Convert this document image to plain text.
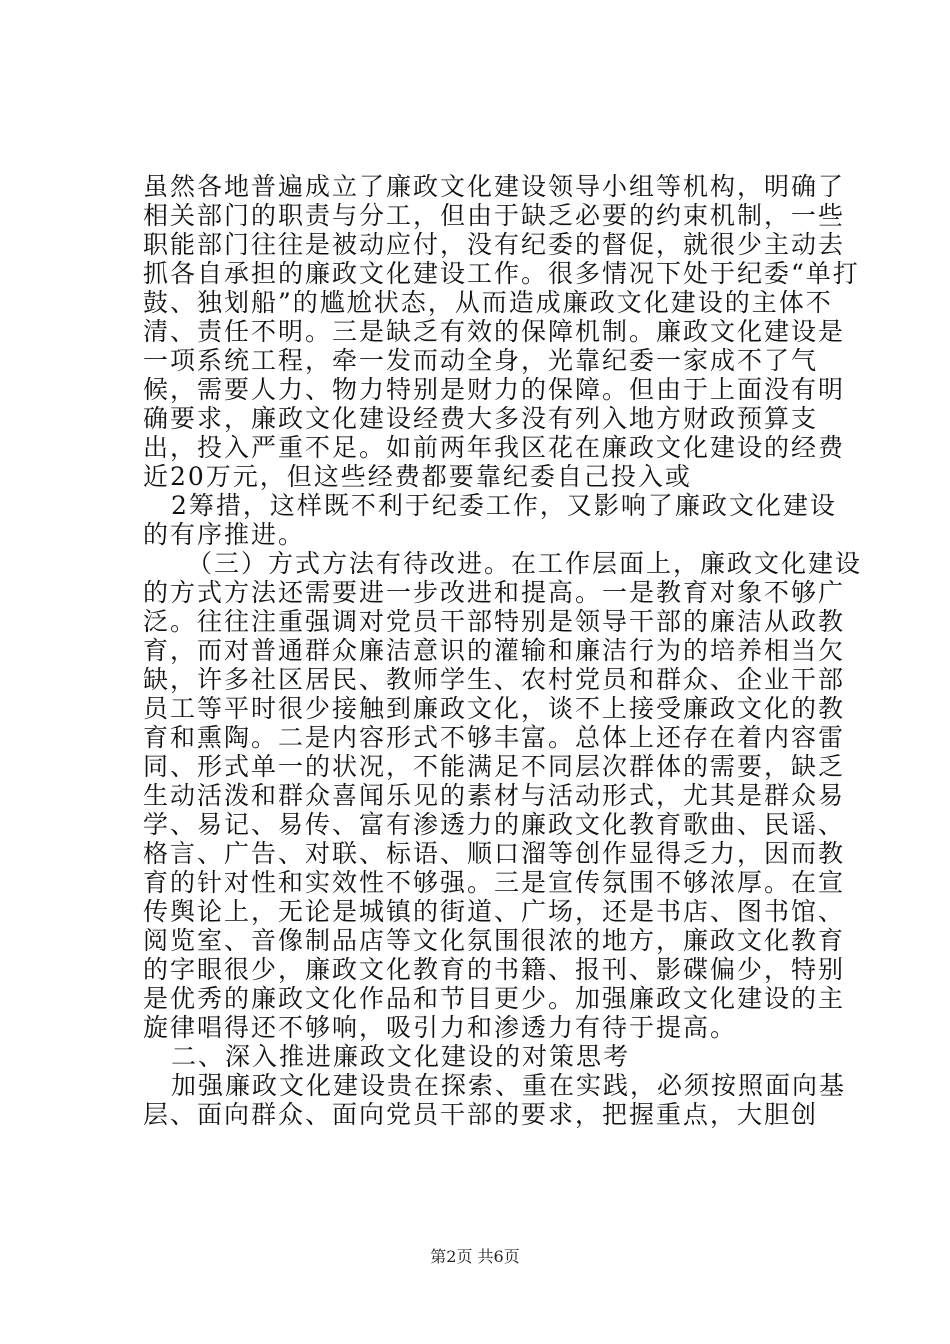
虽然各地普遍成立了廉政文化建设领导小组等机构，明确了相关部门的职责与分工，但由于缺乏必要的约束机制，一些职能部门往往是被动应付，没有纪委的督促，就很少主动去抓各自承担的廉政文化建设工作。很多情况下处于纪委“单打鼓、独划船”的尴尬状态，从而造成廉政文化建设的主体不清、责任不明。三是缺乏有效的保障机制。廉政文化建设是一项系统工程，牵一发而动全身，光靠纪委一家成不了气候，需要人力、物力特别是财力的保障。但由于上面没有明确要求，廉政文化建设经费大多没有列入地方财政预算支出，投入严重不足。如前两年我区花在廉政文化建设的经费近20万元，但这些经费都要靠纪委自己投入或

2筹措，这样既不利于纪委工作，又影响了廉政文化建设的有序推进。

（三）方式方法有待改进。在工作层面上，廉政文化建设的方式方法还需要进一步改进和提高。一是教育对象不够广泛。往往注重强调对党员干部特别是领导干部的廉洁从政教育，而对普通群众廉洁意识的灌输和廉洁行为的培养相当欠缺，许多社区居民、教师学生、农村党员和群众、企业干部员工等平时很少接触到廉政文化，谈不上接受廉政文化的教育和熏陶。二是内容形式不够丰富。总体上还存在着内容雷同、形式单一的状况，不能满足不同层次群体的需要，缺乏生动活泼和群众喜闻乐见的素材与活动形式，尤其是群众易学、易记、易传、富有渗透力的廉政文化教育歌曲、民谣、格言、广告、对联、标语、顺口溜等创作显得乏力，因而教育的针对性和实效性不够强。三是宣传氛围不够浓厚。在宣传舆论上，无论是城镇的街道、广场，还是书店、图书馆、阅览室、音像制品店等文化氛围很浓的地方，廉政文化教育的字眼很少，廉政文化教育的书籍、报刊、影碟偏少，特别是优秀的廉政文化作品和节目更少。加强廉政文化建设的主旋律唱得还不够响，吸引力和渗透力有待于提高。

二、深入推进廉政文化建设的对策思考

加强廉政文化建设贵在探索、重在实践，必须按照面向基层、面向群众、面向党员干部的要求，把握重点，大胆创

第2页 共6页
